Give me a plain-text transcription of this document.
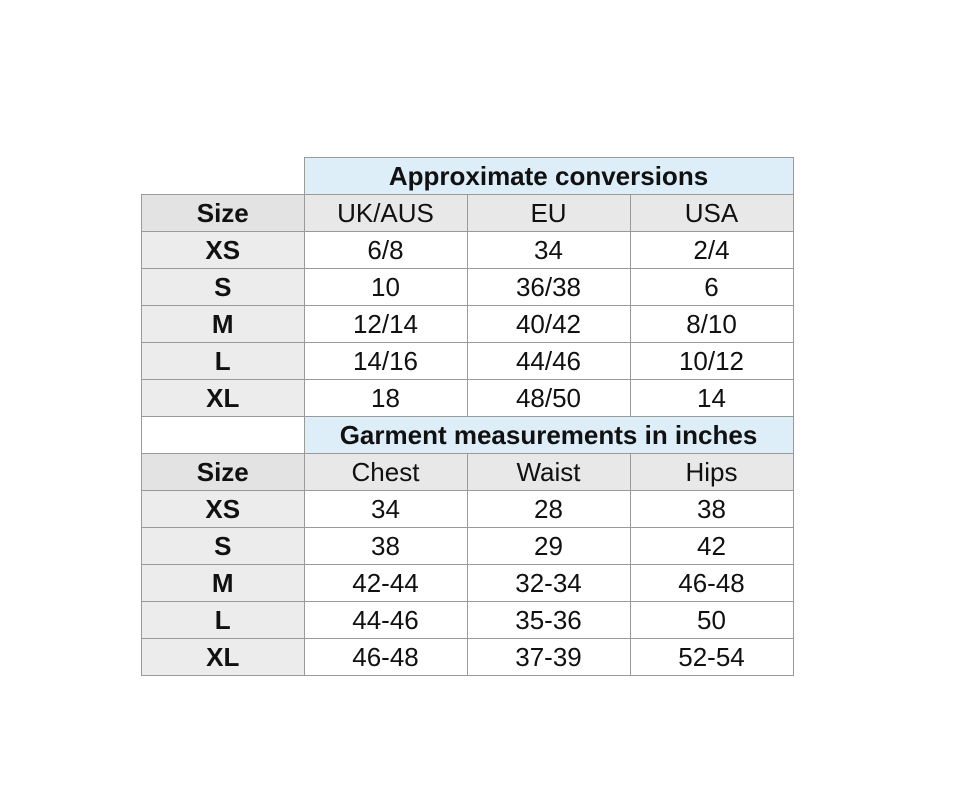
	Approximate conversions		
Size	UK/AUS	EU	USA
XS	6/8	34	2/4
S	10	36/38	6
M	12/14	40/42	8/10
L	14/16	44/46	10/12
XL	18	48/50	14
	Garment measurements in inches		
Size	Chest	Waist	Hips
XS	34	28	38
S	38	29	42
M	42-44	32-34	46-48
L	44-46	35-36	50
XL	46-48	37-39	52-54
